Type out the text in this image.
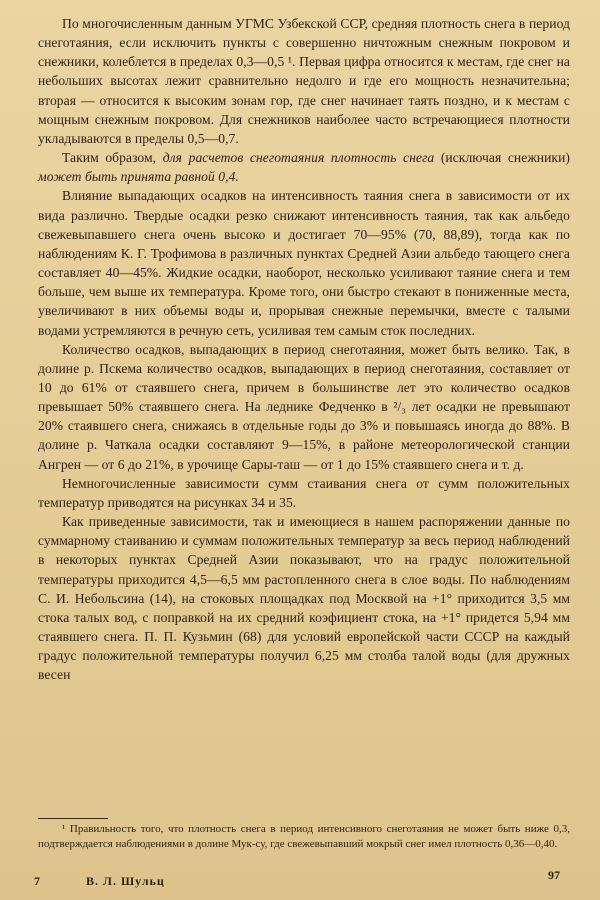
По многочисленным данным УГМС Узбекской ССР, средняя плотность снега в период снеготаяния, если исключить пункты с совершенно ничтожным снежным покровом и снежники, колеблется в пределах 0,3—0,5 ¹. Первая цифра относится к местам, где снег на небольших высотах лежит сравнительно недолго и где его мощность незначительна; вторая — относится к высоким зонам гор, где снег начинает таять поздно, и к местам с мощным снежным покровом. Для снежников наиболее часто встречающиеся плотности укладываются в пределы 0,5—0,7.

Таким образом, для расчетов снеготаяния плотность снега (исключая снежники) может быть принята равной 0,4.

Влияние выпадающих осадков на интенсивность таяния снега в зависимости от их вида различно. Твердые осадки резко снижают интенсивность таяния, так как альбедо свежевыпавшего снега очень высоко и достигает 70—95% (70, 88,89), тогда как по наблюдениям К. Г. Трофимова в различных пунктах Средней Азии альбедо тающего снега составляет 40—45%. Жидкие осадки, наоборот, несколько усиливают таяние снега и тем больше, чем выше их температура. Кроме того, они быстро стекают в пониженные места, увеличивают в них объемы воды и, прорывая снежные перемычки, вместе с талыми водами устремляются в речную сеть, усиливая тем самым сток последних.

Количество осадков, выпадающих в период снеготаяния, может быть велико. Так, в долине р. Пскема количество осадков, выпадающих в период снеготаяния, составляет от 10 до 61% от стаявшего снега, причем в большинстве лет это количество осадков превышает 50% стаявшего снега. На леднике Федченко в ²/₃ лет осадки не превышают 20% стаявшего снега, снижаясь в отдельные годы до 3% и повышаясь иногда до 88%. В долине р. Чаткала осадки составляют 9—15%, в районе метеорологической станции Ангрен — от 6 до 21%, в урочище Сары-таш — от 1 до 15% стаявшего снега и т. д.

Немногочисленные зависимости сумм стаивания снега от сумм положительных температур приводятся на рисунках 34 и 35.

Как приведенные зависимости, так и имеющиеся в нашем распоряжении данные по суммарному стаиванию и суммам положительных температур за весь период наблюдений в некоторых пунктах Средней Азии показывают, что на градус положительной температуры приходится 4,5—6,5 мм растопленного снега в слое воды. По наблюдениям С. И. Небольсина (14), на стоковых площадках под Москвой на +1° приходится 3,5 мм стока талых вод, с поправкой на их средний коэфициент стока, на +1° придется 5,94 мм стаявшего снега. П. П. Кузьмин (68) для условий европейской части СССР на каждый градус положительной температуры получил 6,25 мм столба талой воды (для дружных весен

¹ Правильность того, что плотность снега в период интенсивного снеготаяния не может быть ниже 0,3, подтверждается наблюдениями в долине Мук-су, где свежевыпавший мокрый снег имел плотность 0,36—0,40.

7	В. Л. Шульц	97
